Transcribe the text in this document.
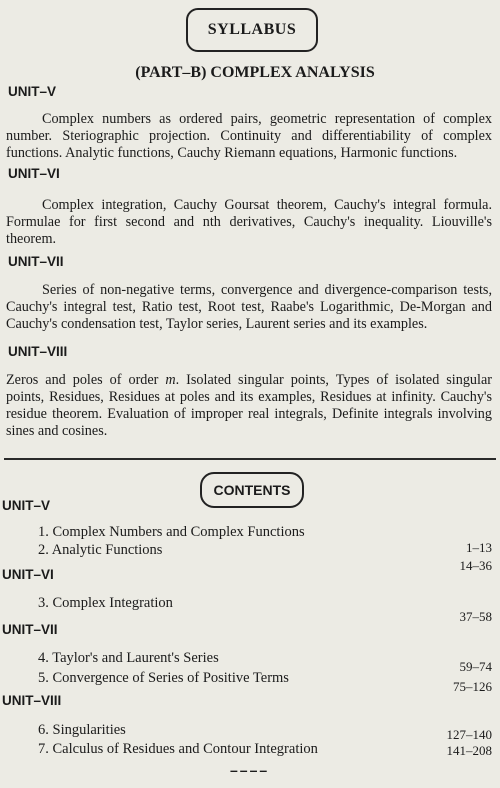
SYLLABUS
(PART–B) COMPLEX ANALYSIS
UNIT–V
Complex numbers as ordered pairs, geometric representation of complex number. Steriographic projection. Continuity and differentiability of complex functions. Analytic functions, Cauchy Riemann equations, Harmonic functions.
UNIT–VI
Complex integration, Cauchy Goursat theorem, Cauchy's integral formula. Formulae for first second and nth derivatives, Cauchy's inequality. Liouville's theorem.
UNIT–VII
Series of non-negative terms, convergence and divergence-comparison tests, Cauchy's integral test, Ratio test, Root test, Raabe's Logarithmic, De-Morgan and Cauchy's condensation test, Taylor series, Laurent series and its examples.
UNIT–VIII
Zeros and poles of order m. Isolated singular points, Types of isolated singular points, Residues, Residues at poles and its examples, Residues at infinity. Cauchy's residue theorem. Evaluation of improper real integrals, Definite integrals involving sines and cosines.
CONTENTS
UNIT–V
1. Complex Numbers and Complex Functions
2. Analytic Functions	1–13
14–36
UNIT–VI
3. Complex Integration
37–58
UNIT–VII
4. Taylor's and Laurent's Series
5. Convergence of Series of Positive Terms
59–74
75–126
UNIT–VIII
6. Singularities
7. Calculus of Residues and Contour Integration
127–140
141–208
––––
